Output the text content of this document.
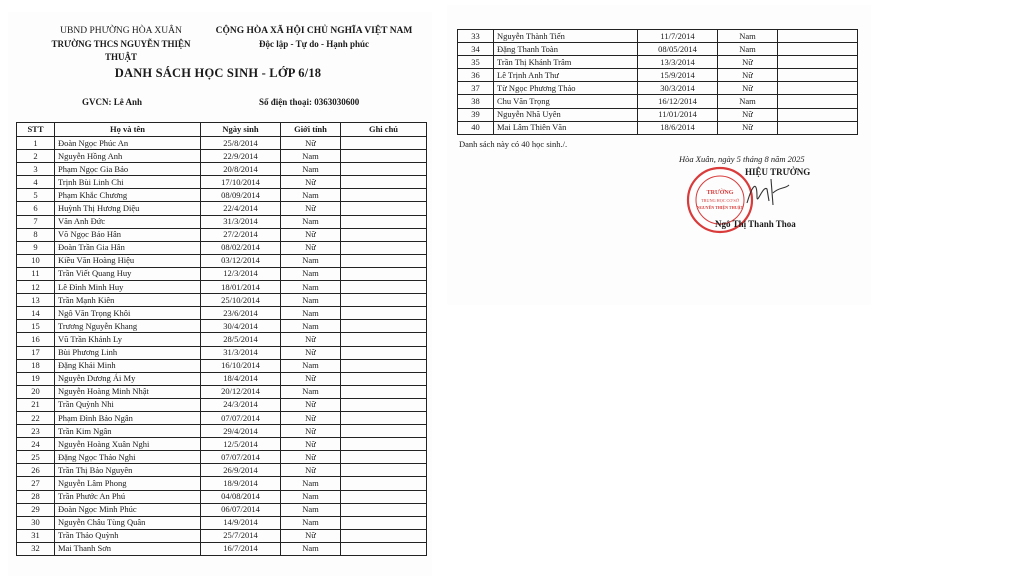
UBND PHƯỜNG HÒA XUÂN
TRƯỜNG THCS NGUYỄN THIỆN THUẬT
CỘNG HÒA XÃ HỘI CHỦ NGHĨA VIỆT NAM
Độc lập - Tự do - Hạnh phúc
DANH SÁCH HỌC SINH - LỚP 6/18
GVCN: Lê Anh	Số điện thoại: 0363030600
STT	Họ và tên	Ngày sinh	Giới tính	Ghi chú
1	Đoàn Ngọc Phúc An	25/8/2014	Nữ	
2	Nguyễn Hồng Anh	22/9/2014	Nam	
3	Phạm Ngọc Gia Bảo	20/8/2014	Nam	
4	Trịnh Bùi Linh Chi	17/10/2014	Nữ	
5	Phạm Khắc Chương	08/09/2014	Nam	
6	Huỳnh Thị Hương Diệu	22/4/2014	Nữ	
7	Văn Anh Đức	31/3/2014	Nam	
8	Võ Ngọc Bảo Hân	27/2/2014	Nữ	
9	Đoàn Trần Gia Hân	08/02/2014	Nữ	
10	Kiều Văn Hoàng Hiệu	03/12/2014	Nam	
11	Trần Viết Quang Huy	12/3/2014	Nam	
12	Lê Đình Minh Huy	18/01/2014	Nam	
13	Trần Mạnh Kiên	25/10/2014	Nam	
14	Ngô Văn Trọng Khôi	23/6/2014	Nam	
15	Trương Nguyễn Khang	30/4/2014	Nam	
16	Vũ Trần Khánh Ly	28/5/2014	Nữ	
17	Bùi Phương Linh	31/3/2014	Nữ	
18	Đặng Khải Minh	16/10/2014	Nam	
19	Nguyễn Dương Ái My	18/4/2014	Nữ	
20	Nguyễn Hoàng Minh Nhật	20/12/2014	Nam	
21	Trần Quỳnh Nhi	24/3/2014	Nữ	
22	Phạm Đình Bảo Ngân	07/07/2014	Nữ	
23	Trần Kim Ngân	29/4/2014	Nữ	
24	Nguyễn Hoàng Xuân Nghi	12/5/2014	Nữ	
25	Đặng Ngọc Thảo Nghi	07/07/2014	Nữ	
26	Trần Thị Bảo Nguyên	26/9/2014	Nữ	
27	Nguyễn Lâm Phong	18/9/2014	Nam	
28	Trần Phước An Phú	04/08/2014	Nam	
29	Đoàn Ngọc Minh Phúc	06/07/2014	Nam	
30	Nguyễn Châu Tùng Quân	14/9/2014	Nam	
31	Trần Thảo Quỳnh	25/7/2014	Nữ	
32	Mai Thanh Sơn	16/7/2014	Nam	
33	Nguyễn Thành Tiến	11/7/2014	Nam	
34	Đặng Thanh Toàn	08/05/2014	Nam	
35	Trần Thị Khánh Trâm	13/3/2014	Nữ	
36	Lê Trịnh Anh Thư	15/9/2014	Nữ	
37	Từ Ngọc Phương Thảo	30/3/2014	Nữ	
38	Chu Văn Trọng	16/12/2014	Nam	
39	Nguyễn Nhã Uyên	11/01/2014	Nữ	
40	Mai Lâm Thiên Văn	18/6/2014	Nữ	
Danh sách này có 40 học sinh./.
Hòa Xuân, ngày 5 tháng 8 năm 2025
TRƯỜNG
TRUNG HỌC CƠ SỞ
NGUYỄN THIỆN THUẬT
HIỆU TRƯỞNG
Ngô Thị Thanh Thoa
